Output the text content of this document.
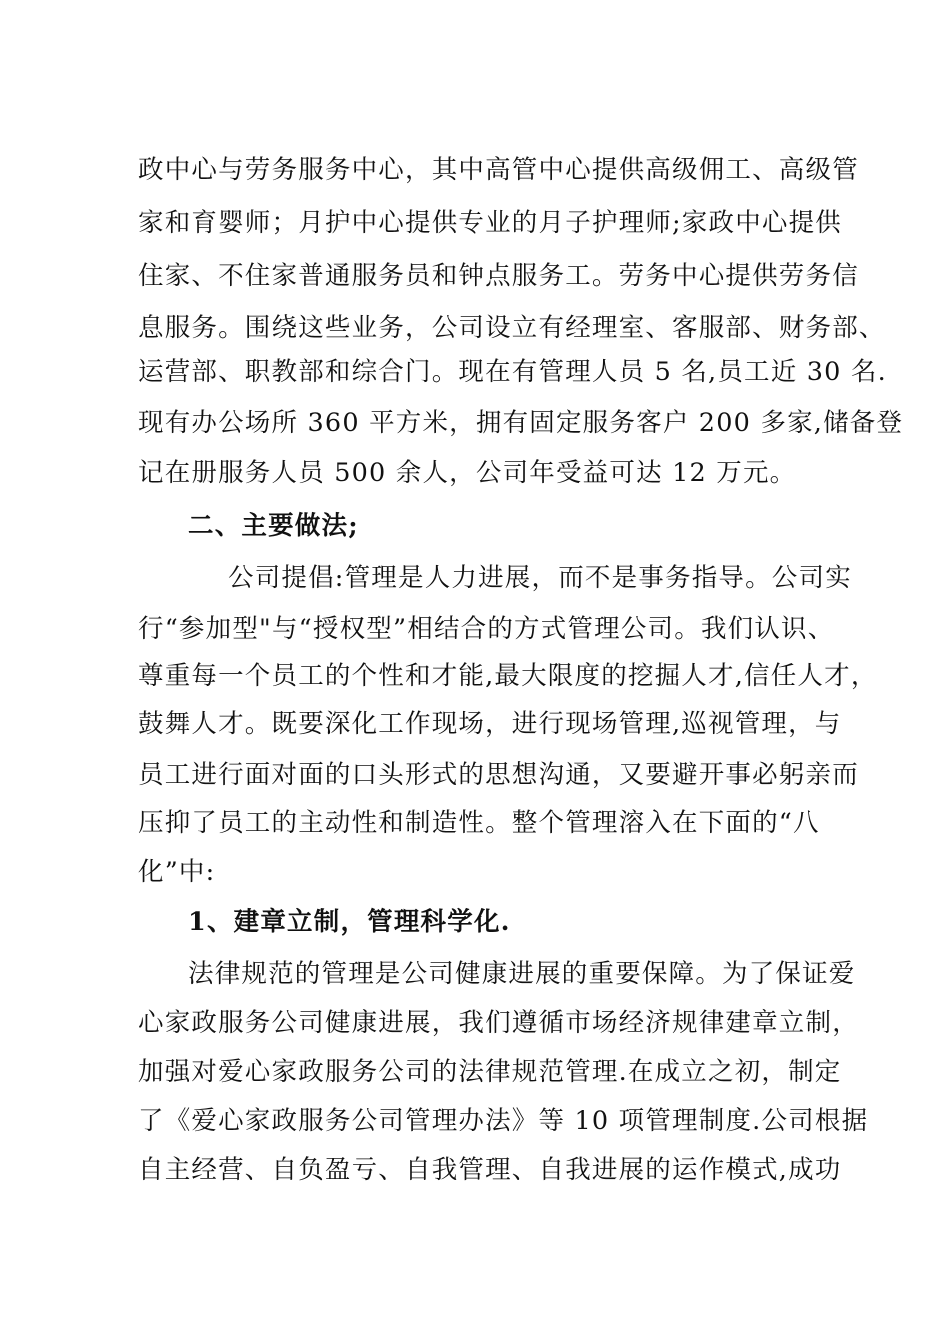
政中心与劳务服务中心，其中高管中心提供高级佣工、高级管
家和育婴师；月护中心提供专业的月子护理师;家政中心提供
住家、不住家普通服务员和钟点服务工。劳务中心提供劳务信
息服务。围绕这些业务，公司设立有经理室、客服部、财务部、
运营部、职教部和综合门。现在有管理人员 5 名,员工近 30 名.
现有办公场所 360 平方米，拥有固定服务客户 200 多家,储备登
记在册服务人员 500 余人，公司年受益可达 12 万元。
二、主要做法;
公司提倡:管理是人力进展，而不是事务指导。公司实
行“参加型"与“授权型”相结合的方式管理公司。我们认识、
尊重每一个员工的个性和才能,最大限度的挖掘人才,信任人才，
鼓舞人才。既要深化工作现场，进行现场管理,巡视管理，与
员工进行面对面的口头形式的思想沟通，又要避开事必躬亲而
压抑了员工的主动性和制造性。整个管理溶入在下面的“八
化”中:
1、建章立制，管理科学化.
法律规范的管理是公司健康进展的重要保障。为了保证爱
心家政服务公司健康进展，我们遵循市场经济规律建章立制，
加强对爱心家政服务公司的法律规范管理.在成立之初，制定
了《爱心家政服务公司管理办法》等 10 项管理制度.公司根据
自主经营、自负盈亏、自我管理、自我进展的运作模式,成功
